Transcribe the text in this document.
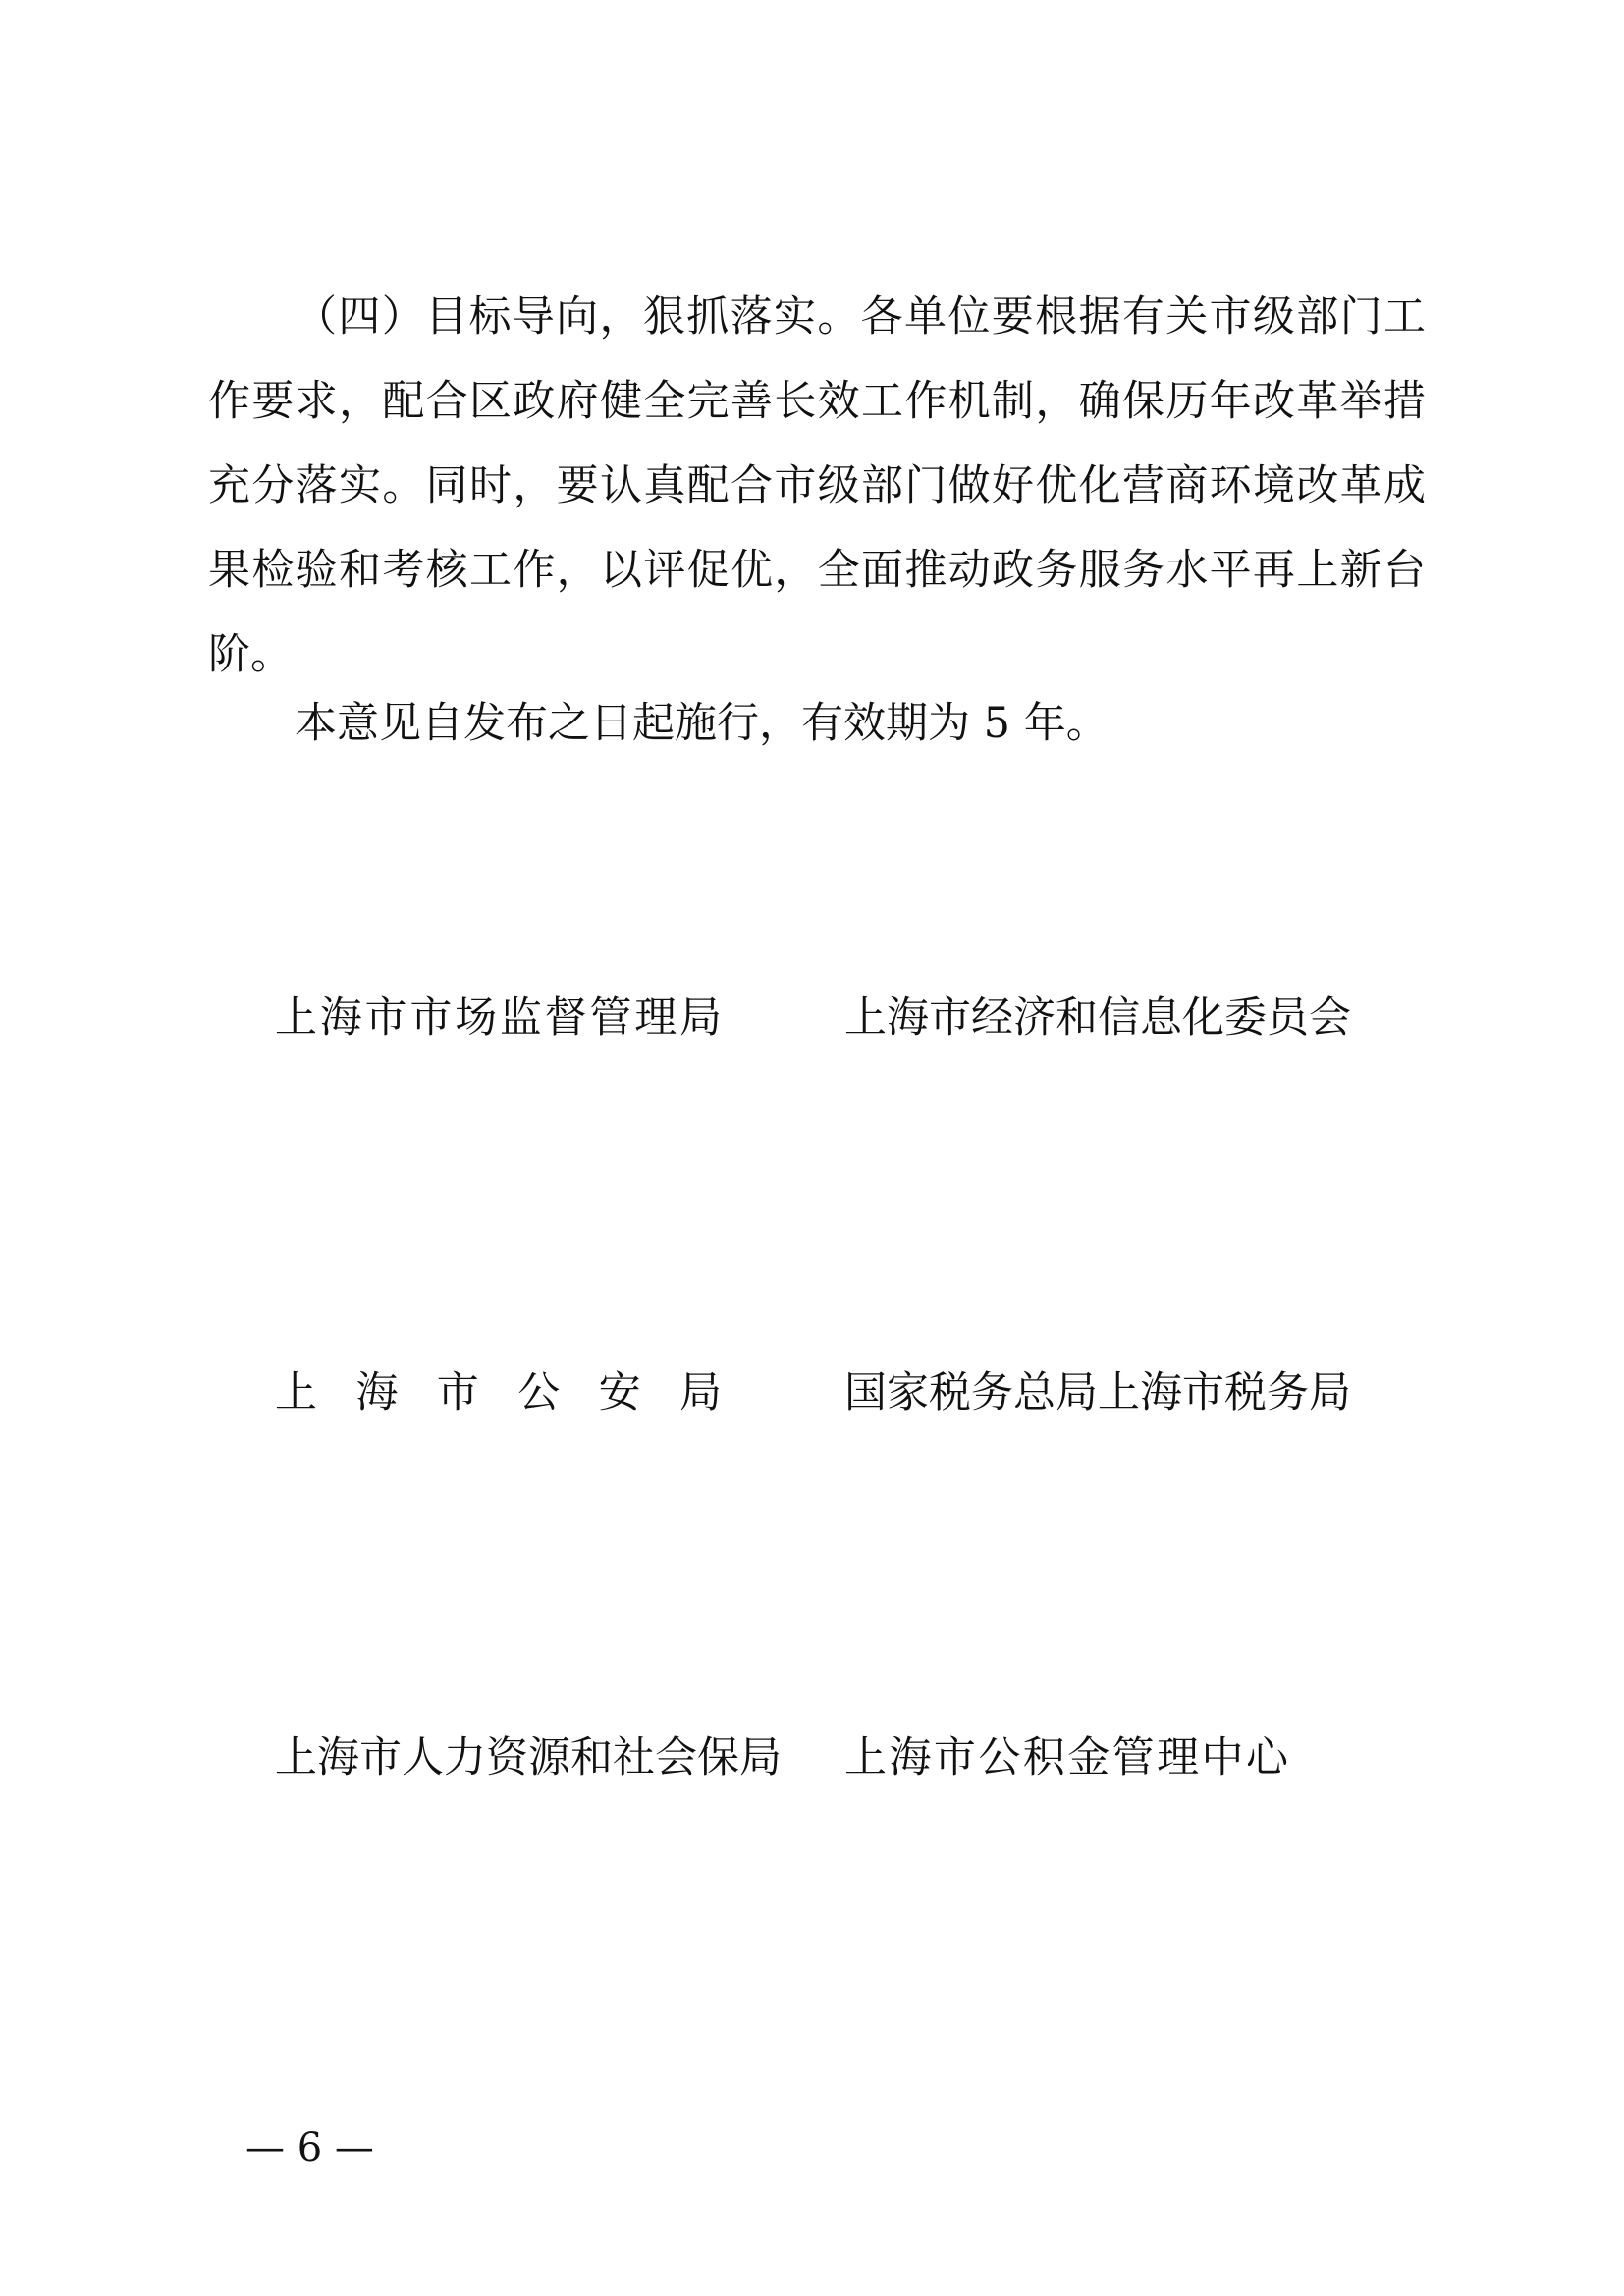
（四）目标导向，狠抓落实。各单位要根据有关市级部门工
作要求，配合区政府健全完善长效工作机制，确保历年改革举措
充分落实。同时，要认真配合市级部门做好优化营商环境改革成
果检验和考核工作，以评促优，全面推动政务服务水平再上新台
阶。
本意见自发布之日起施行，有效期为 5 年。
上海市市场监督管理局	上海市经济和信息化委员会
上海市公安局	国家税务总局上海市税务局
上海市人力资源和社会保局 上海市公积金管理中心
— 6 —
